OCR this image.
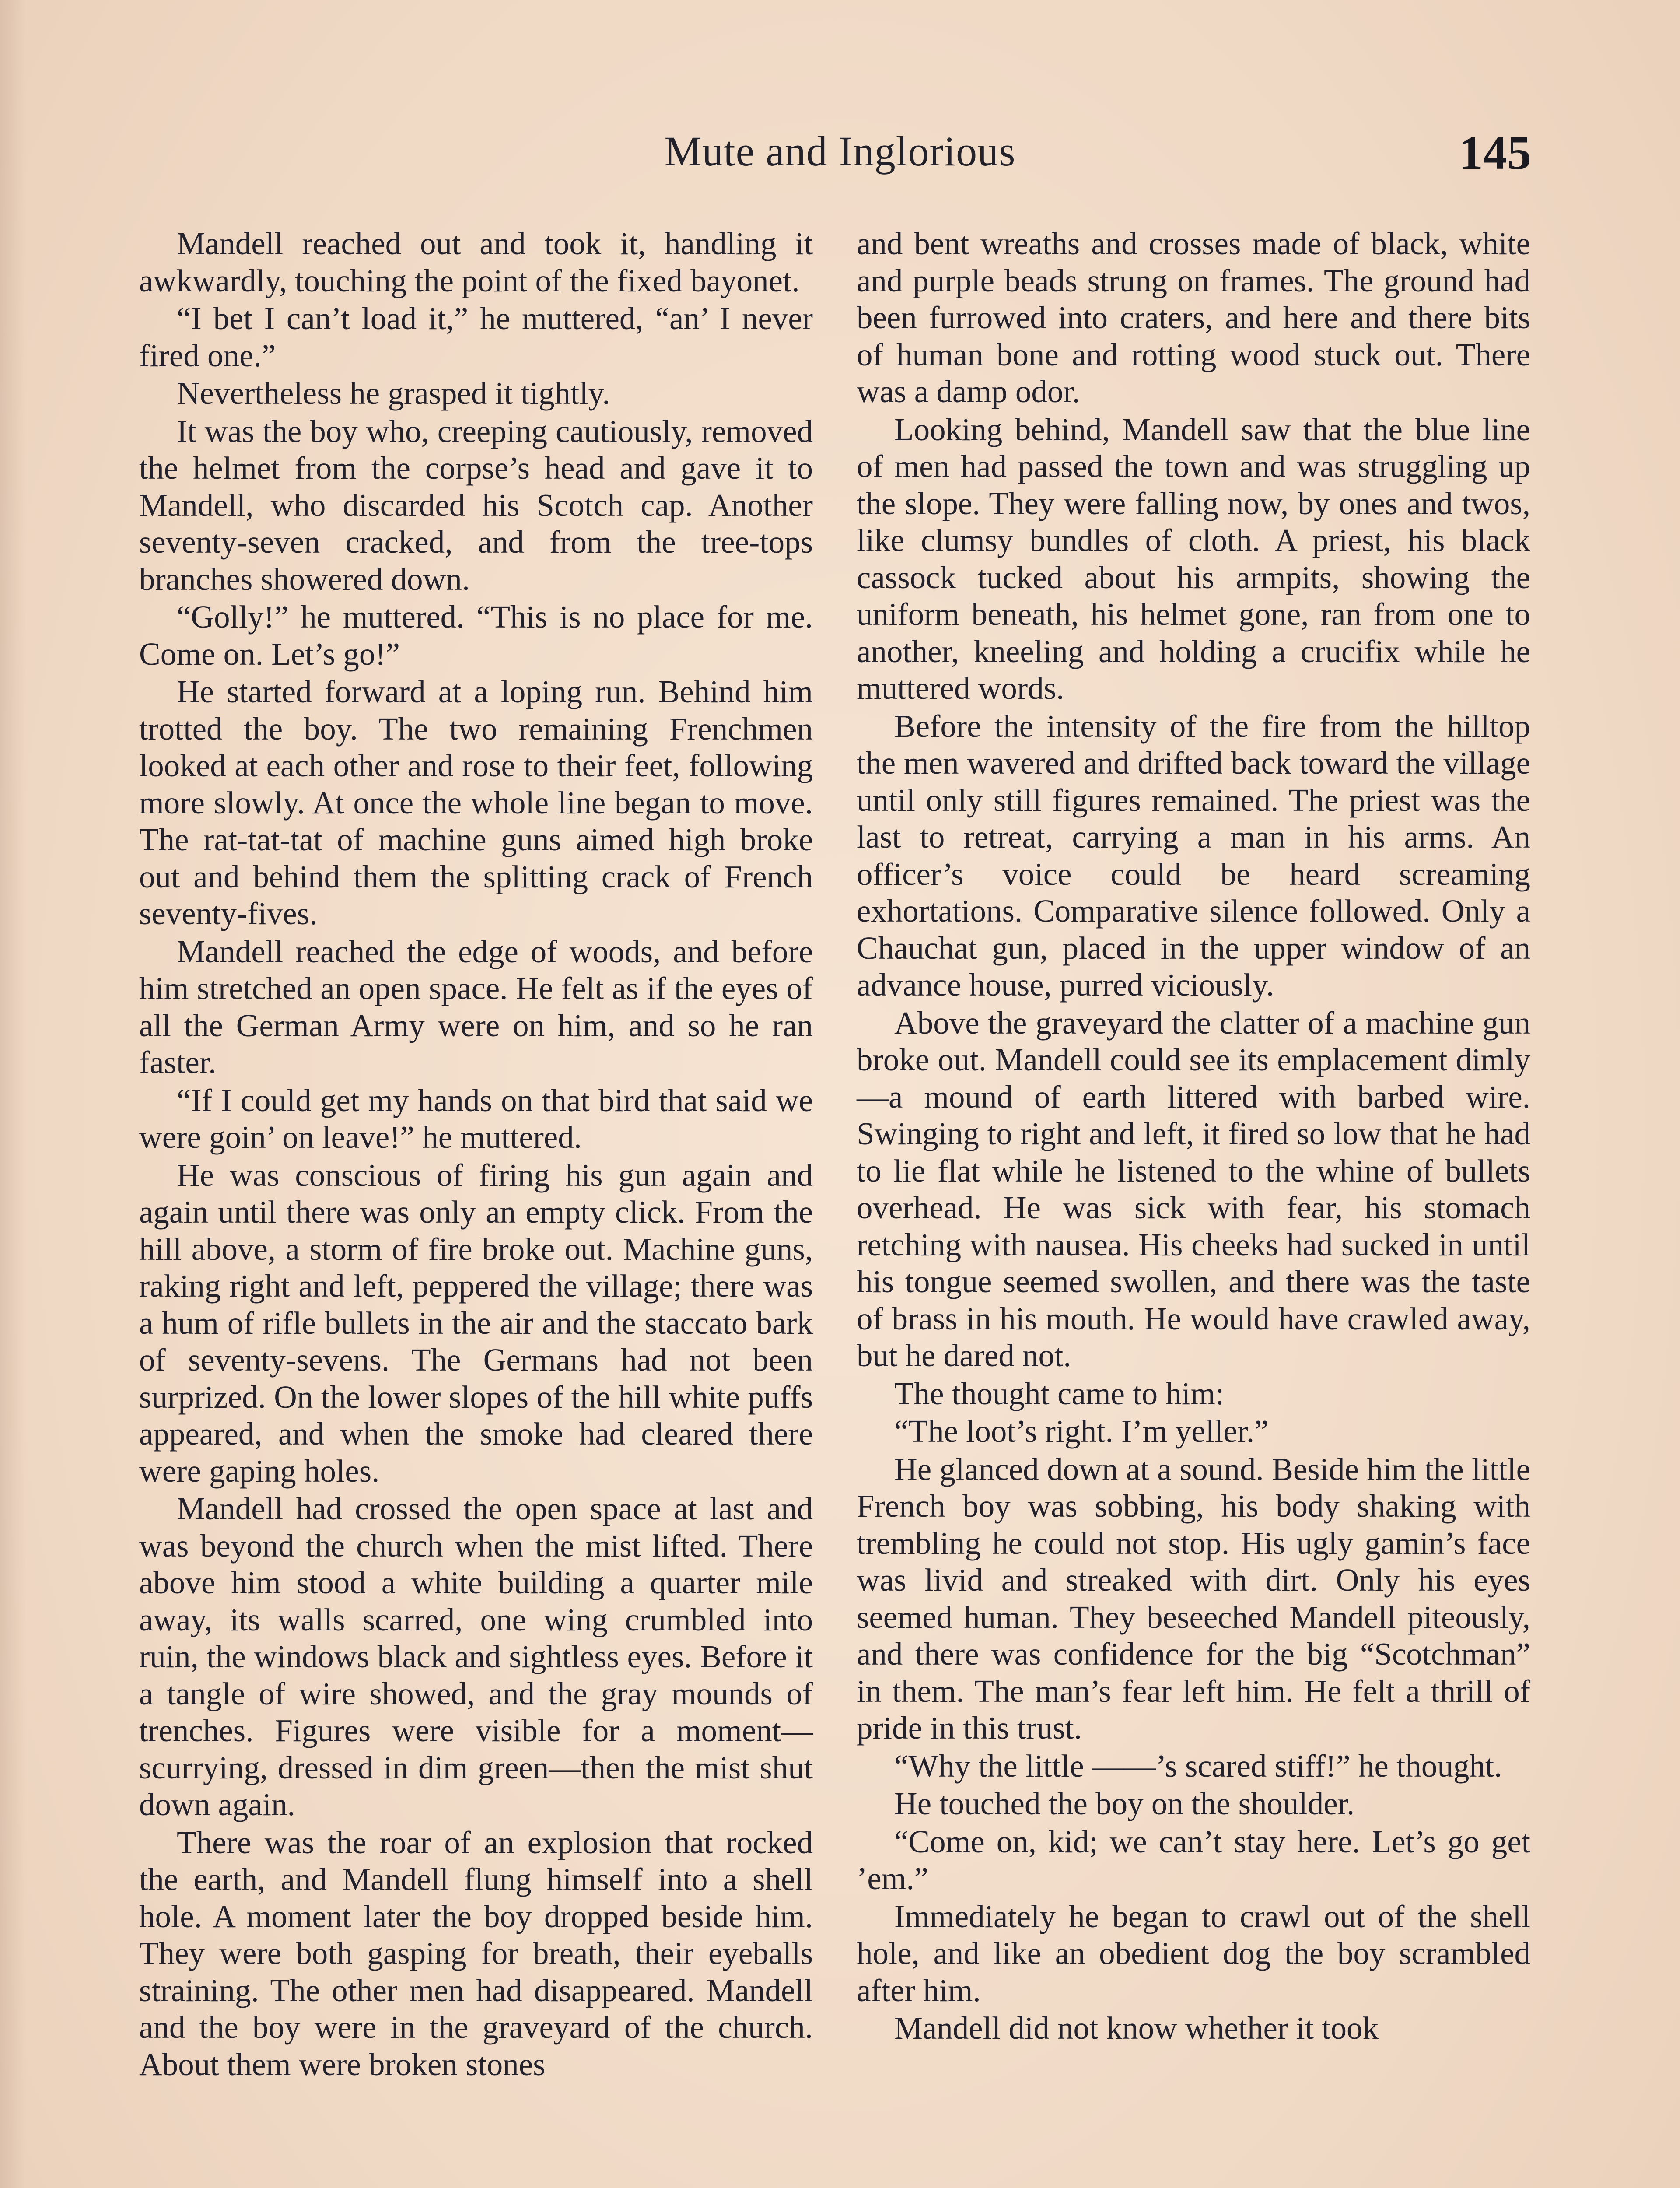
Mute and Inglorious	145

Mandell reached out and took it, handling it awkwardly, touching the point of the fixed bayonet.

“I bet I can’t load it,” he muttered, “an’ I never fired one.”

Nevertheless he grasped it tightly.

It was the boy who, creeping cautiously, removed the helmet from the corpse’s head and gave it to Mandell, who discarded his Scotch cap. Another seventy-seven cracked, and from the tree-tops branches showered down.

“Golly!” he muttered. “This is no place for me. Come on. Let’s go!”

He started forward at a loping run. Behind him trotted the boy. The two remaining Frenchmen looked at each other and rose to their feet, following more slowly. At once the whole line began to move. The rat-tat-tat of machine guns aimed high broke out and behind them the splitting crack of French seventy-fives.

Mandell reached the edge of woods, and before him stretched an open space. He felt as if the eyes of all the German Army were on him, and so he ran faster.

“If I could get my hands on that bird that said we were goin’ on leave!” he muttered.

He was conscious of firing his gun again and again until there was only an empty click. From the hill above, a storm of fire broke out. Machine guns, raking right and left, peppered the village; there was a hum of rifle bullets in the air and the staccato bark of seventy-sevens. The Germans had not been surprized. On the lower slopes of the hill white puffs appeared, and when the smoke had cleared there were gaping holes.

Mandell had crossed the open space at last and was beyond the church when the mist lifted. There above him stood a white building a quarter mile away, its walls scarred, one wing crumbled into ruin, the windows black and sightless eyes. Before it a tangle of wire showed, and the gray mounds of trenches. Figures were visible for a moment—scurrying, dressed in dim green—then the mist shut down again.

There was the roar of an explosion that rocked the earth, and Mandell flung himself into a shell hole. A moment later the boy dropped beside him. They were both gasping for breath, their eyeballs straining. The other men had disappeared. Mandell and the boy were in the graveyard of the church. About them were broken stones

and bent wreaths and crosses made of black, white and purple beads strung on frames. The ground had been furrowed into craters, and here and there bits of human bone and rotting wood stuck out. There was a damp odor.

Looking behind, Mandell saw that the blue line of men had passed the town and was struggling up the slope. They were falling now, by ones and twos, like clumsy bundles of cloth. A priest, his black cassock tucked about his armpits, showing the uniform beneath, his helmet gone, ran from one to another, kneeling and holding a crucifix while he muttered words.

Before the intensity of the fire from the hilltop the men wavered and drifted back toward the village until only still figures remained. The priest was the last to retreat, carrying a man in his arms. An officer’s voice could be heard screaming exhortations. Comparative silence followed. Only a Chauchat gun, placed in the upper window of an advance house, purred viciously.

Above the graveyard the clatter of a machine gun broke out. Mandell could see its emplacement dimly—a mound of earth littered with barbed wire. Swinging to right and left, it fired so low that he had to lie flat while he listened to the whine of bullets overhead. He was sick with fear, his stomach retching with nausea. His cheeks had sucked in until his tongue seemed swollen, and there was the taste of brass in his mouth. He would have crawled away, but he dared not.

The thought came to him:

“The loot’s right. I’m yeller.”

He glanced down at a sound. Beside him the little French boy was sobbing, his body shaking with trembling he could not stop. His ugly gamin’s face was livid and streaked with dirt. Only his eyes seemed human. They beseeched Mandell piteously, and there was confidence for the big “Scotchman” in them. The man’s fear left him. He felt a thrill of pride in this trust.

“Why the little ——’s scared stiff!” he thought.

He touched the boy on the shoulder.

“Come on, kid; we can’t stay here. Let’s go get ’em.”

Immediately he began to crawl out of the shell hole, and like an obedient dog the boy scrambled after him.

Mandell did not know whether it took
